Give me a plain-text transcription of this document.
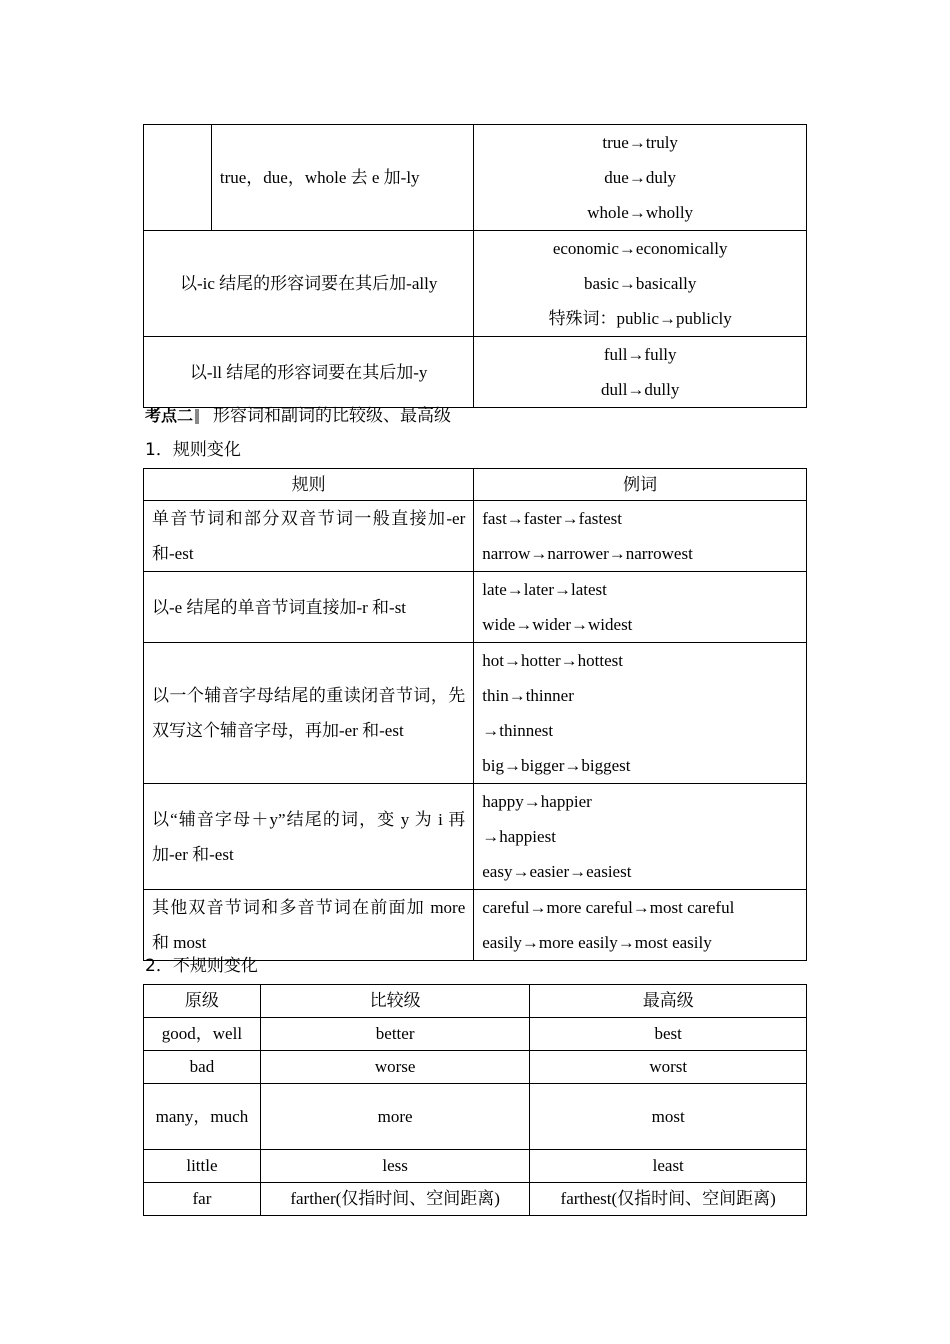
	true，due，whole 去 e 加-ly	true→truly
due→duly
whole→wholly

以-ic 结尾的形容词要在其后加-ally		economic→economically
basic→basically
特殊词：public→publicly

以-ll 结尾的形容词要在其后加-y		full→fully
dull→dully
考点二 形容词和副词的比较级、最高级
1．规则变化
规则	例词
单音节词和部分双音节词一般直接加-er 和-est	fast→faster→fastest
narrow→narrower→narrowest

以-e 结尾的单音节词直接加-r 和-st	late→later→latest
wide→wider→widest

以一个辅音字母结尾的重读闭音节词，先双写这个辅音字母，再加-er 和-est	hot→hotter→hottest
thin→thinner
→thinnest
big→bigger→biggest

以“辅音字母＋y”结尾的词，变 y 为 i 再加-er 和-est	happy→happier
→happiest
easy→easier→easiest

其他双音节词和多音节词在前面加 more 和 most	careful→more careful→most careful
easily→more easily→most easily
2．不规则变化
原级	比较级	最高级
good，well	better	best
bad	worse	worst
many，much	more	most
little	less	least
far	farther(仅指时间、空间距离)	farthest(仅指时间、空间距离)
